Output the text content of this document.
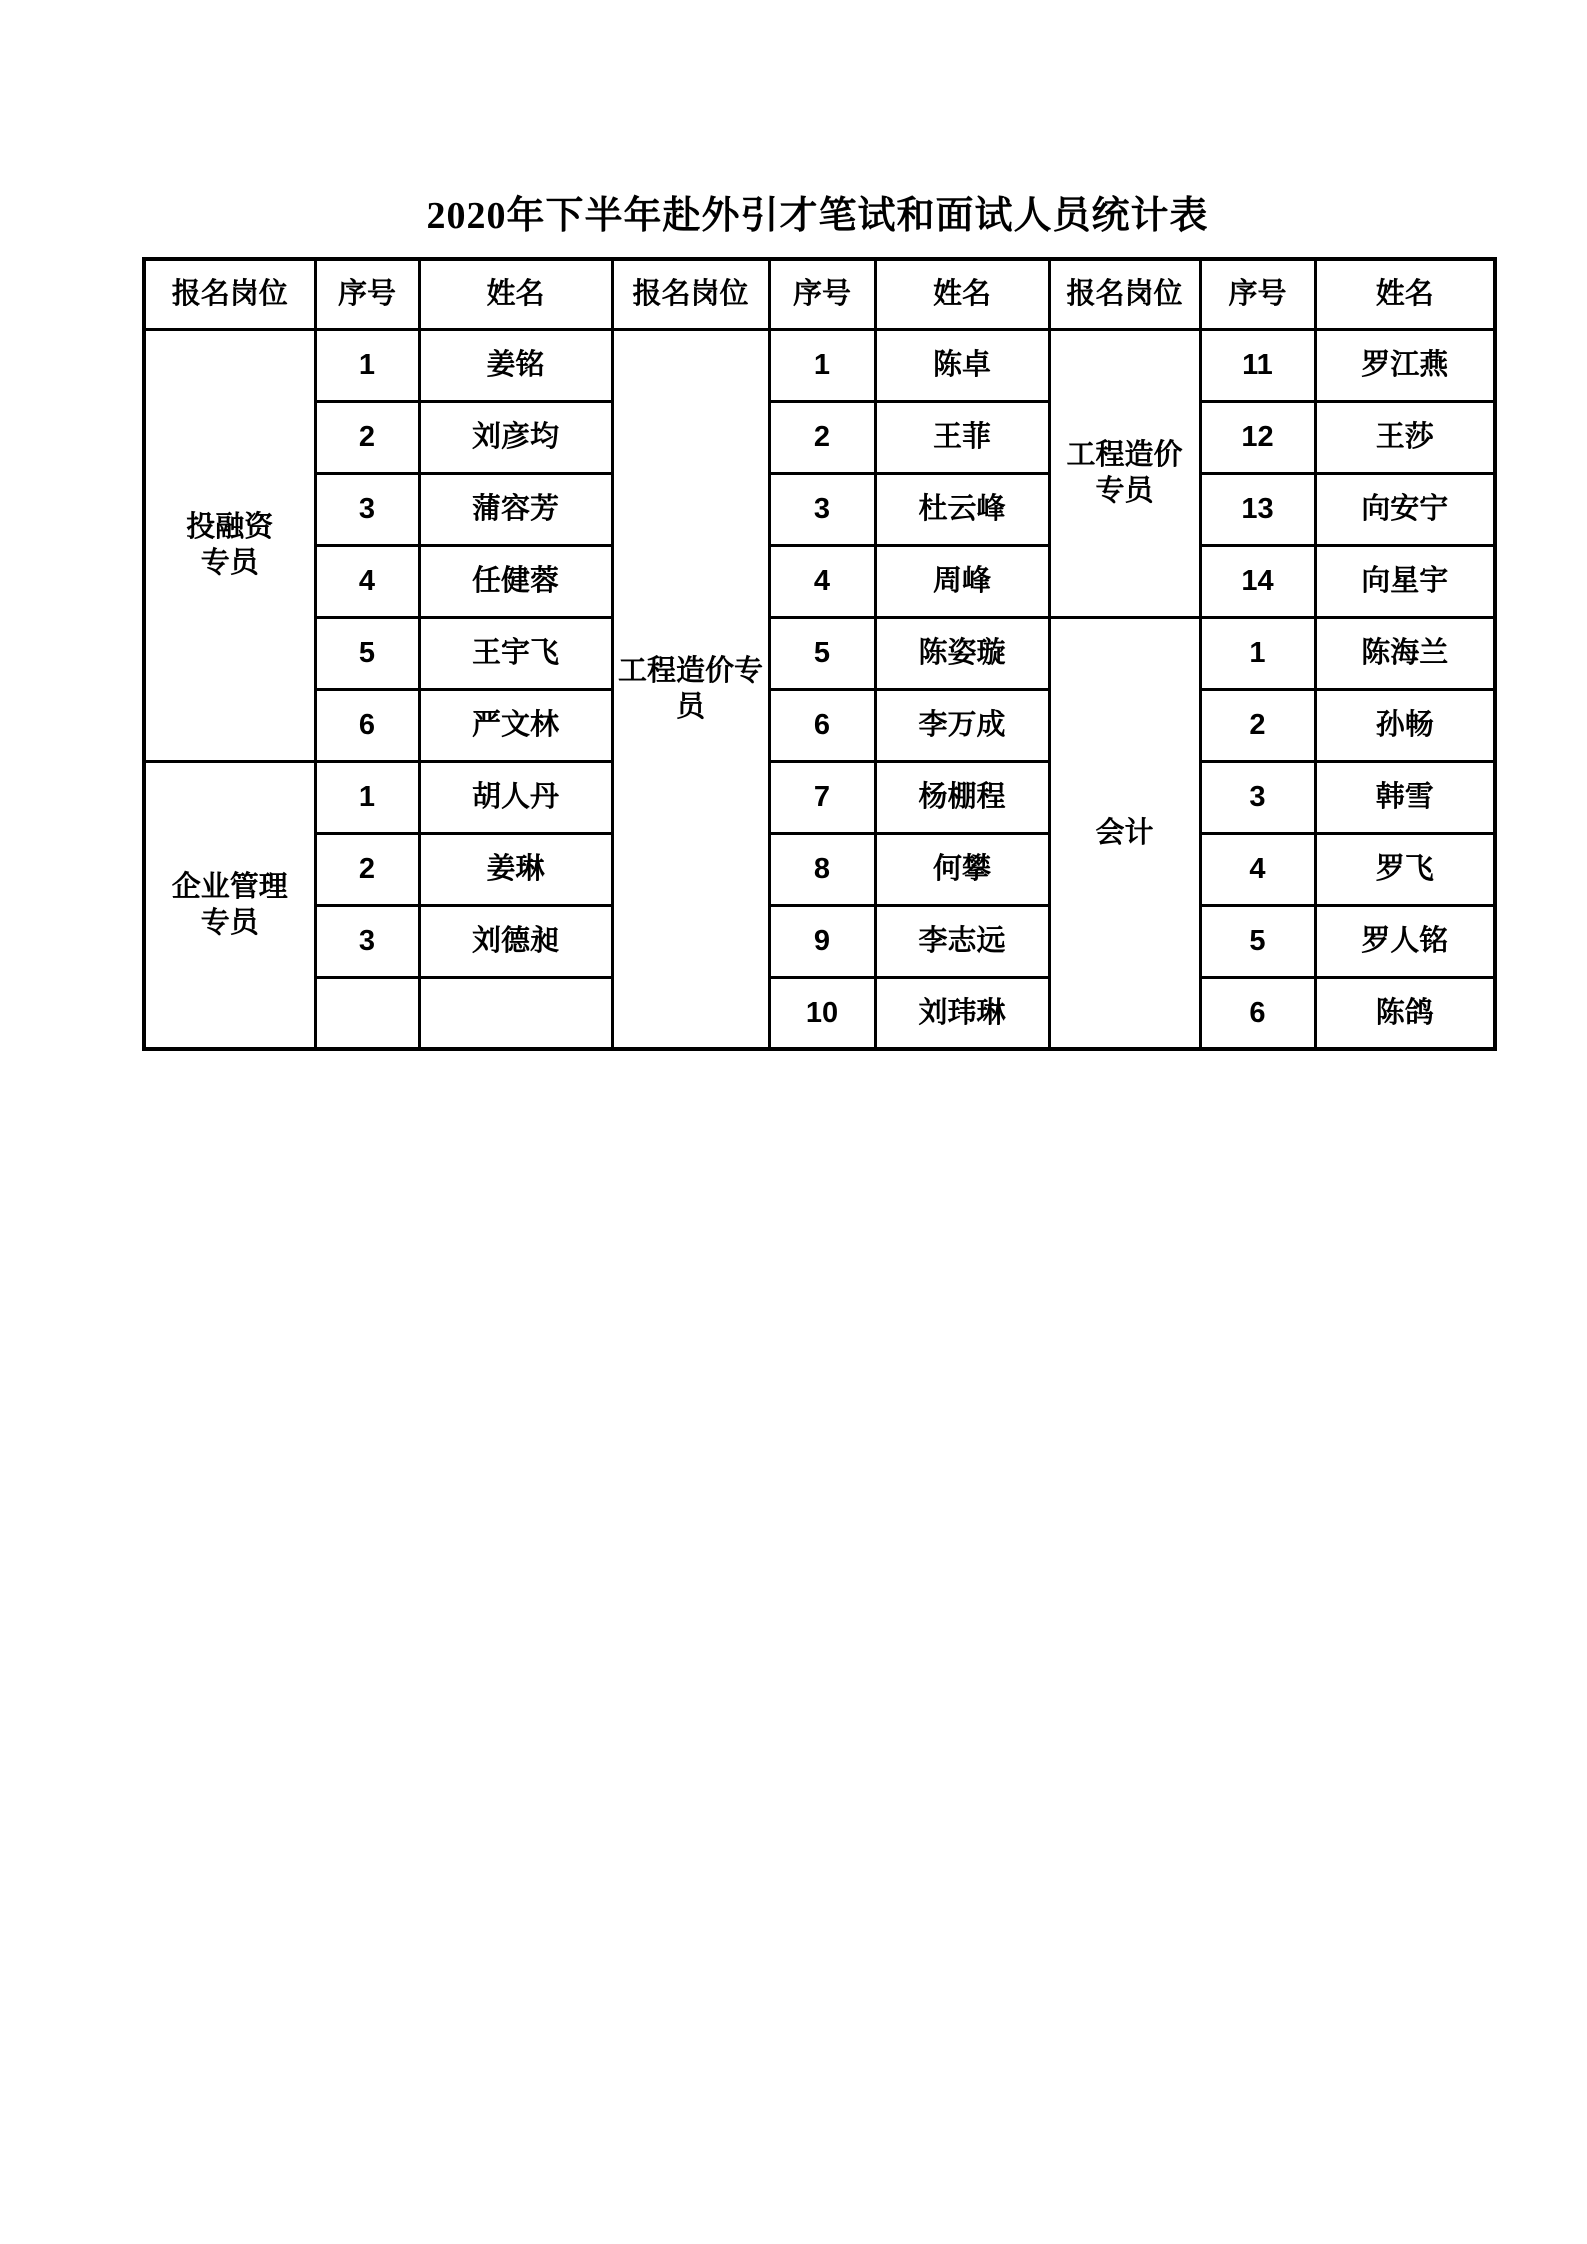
2020年下半年赴外引才笔试和面试人员统计表
报名岗位	序号	姓名	报名岗位	序号	姓名	报名岗位	序号	姓名
投融资专员	1	姜铭	工程造价专员	1	陈卓	工程造价专员	11	罗江燕
	2	刘彦均		2	王菲		12	王莎
	3	蒲容芳		3	杜云峰		13	向安宁
	4	任健蓉		4	周峰		14	向星宇
	5	王宇飞		5	陈姿璇	会计	1	陈海兰
	6	严文林		6	李万成		2	孙畅
企业管理专员	1	胡人丹		7	杨棚程		3	韩雪
	2	姜琳		8	何攀		4	罗飞
	3	刘德昶		9	李志远		5	罗人铭
				10	刘玮琳		6	陈鸽
